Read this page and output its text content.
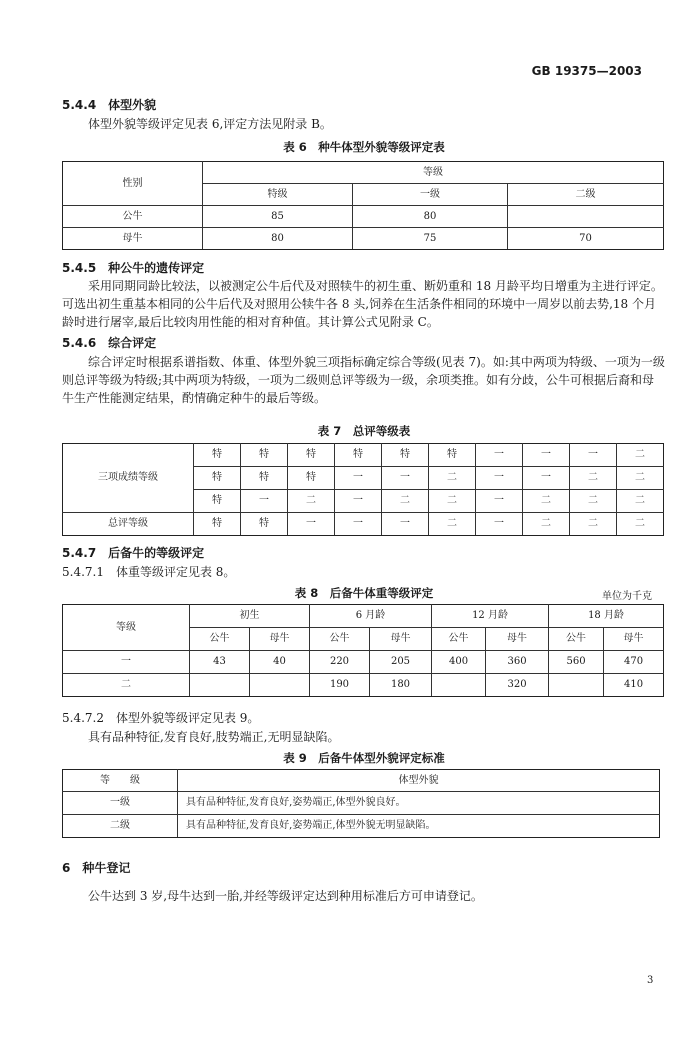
GB 19375—2003
5.4.4　体型外貌
体型外貌等级评定见表 6,评定方法见附录 B。
表 6　种牛体型外貌等级评定表
性别	等级		
	特级	一级	二级
公牛	85	80	
母牛	80	75	70
5.4.5　种公牛的遗传评定
采用同期同龄比较法，以被测定公牛后代及对照犊牛的初生重、断奶重和 18 月龄平均日增重为主进行评定。可选出初生重基本相同的公牛后代及对照用公犊牛各 8 头,饲养在生活条件相同的环境中一周岁以前去势,18 个月龄时进行屠宰,最后比较肉用性能的相对育种值。其计算公式见附录 C。
5.4.6　综合评定
综合评定时根据系谱指数、体重、体型外貌三项指标确定综合等级(见表 7)。如:其中两项为特级、一项为一级则总评等级为特级;其中两项为特级，一项为二级则总评等级为一级，余项类推。如有分歧，公牛可根据后裔和母牛生产性能测定结果，酌情确定种牛的最后等级。
表 7　总评等级表
三项成绩等级	特	特	特	特	特	特	一	一	一	二
	特	特	特	一	一	二	一	一	二	二
	特	一	二	一	二	二	一	二	二	二
总评等级	特	特	一	一	一	二	一	二	二	二
5.4.7　后备牛的等级评定
5.4.7.1　体重等级评定见表 8。
表 8　后备牛体重等级评定	单位为千克
等级	初生		6 月龄		12 月龄		18 月龄	
	公牛	母牛	公牛	母牛	公牛	母牛	公牛	母牛
一	43	40	220	205	400	360	560	470
二			190	180		320		410
5.4.7.2　体型外貌等级评定见表 9。
具有品种特征,发育良好,肢势端正,无明显缺陷。
表 9　后备牛体型外貌评定标准
等　　级	体型外貌
一级	具有品种特征,发育良好,姿势端正,体型外貌良好。
二级	具有品种特征,发育良好,姿势端正,体型外貌无明显缺陷。
6　种牛登记
公牛达到 3 岁,母牛达到一胎,并经等级评定达到种用标准后方可申请登记。
3
